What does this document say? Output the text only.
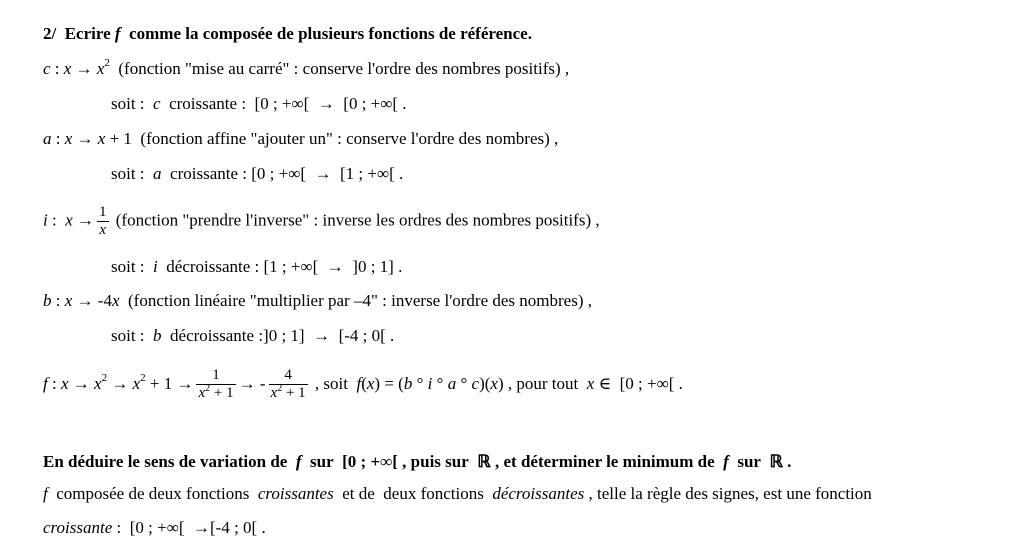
2/  Ecrire f  comme la composée de plusieurs fonctions de référence.
c : $x \to x^2$  (fonction "mise au carré" : conserve l'ordre des nombres positifs) ,
soit :  c  croissante :  [0 ; +∞[  →  [0 ; +∞[ .
a : x → x + 1  (fonction affine "ajouter un" : conserve l'ordre des nombres) ,
soit :  a  croissante : [0 ; +∞[  →  [1 ; +∞[ .
i :  $x \to \frac{1}{x}$ (fonction "prendre l'inverse" : inverse les ordres des nombres positifs) ,
soit :  i  décroissante : [1 ; +∞[  →  ]0 ; 1] .
b : x → -4x  (fonction linéaire "multiplier par –4" : inverse l'ordre des nombres) ,
soit :  b  décroissante :]0 ; 1]  →  [-4 ; 0[ .
f : $x \to x^2 \to x^2 + 1 \to \frac{1}{x^2 + 1}$ → - $\frac{4}{x^2 + 1}$ , soit  f(x) = (b ° i ° a ° c)(x) , pour tout  x ∈  [0 ; +∞[ .
En déduire le sens de variation de  f  sur  [0 ; +∞[ , puis sur  ℝ , et déterminer le minimum de  f  sur  ℝ .
f  composée de deux fonctions  croissantes  et de  deux fonctions  décroissantes , telle la règle des signes, est une fonction
croissante :  [0 ; +∞[  →[-4 ; 0[ .
